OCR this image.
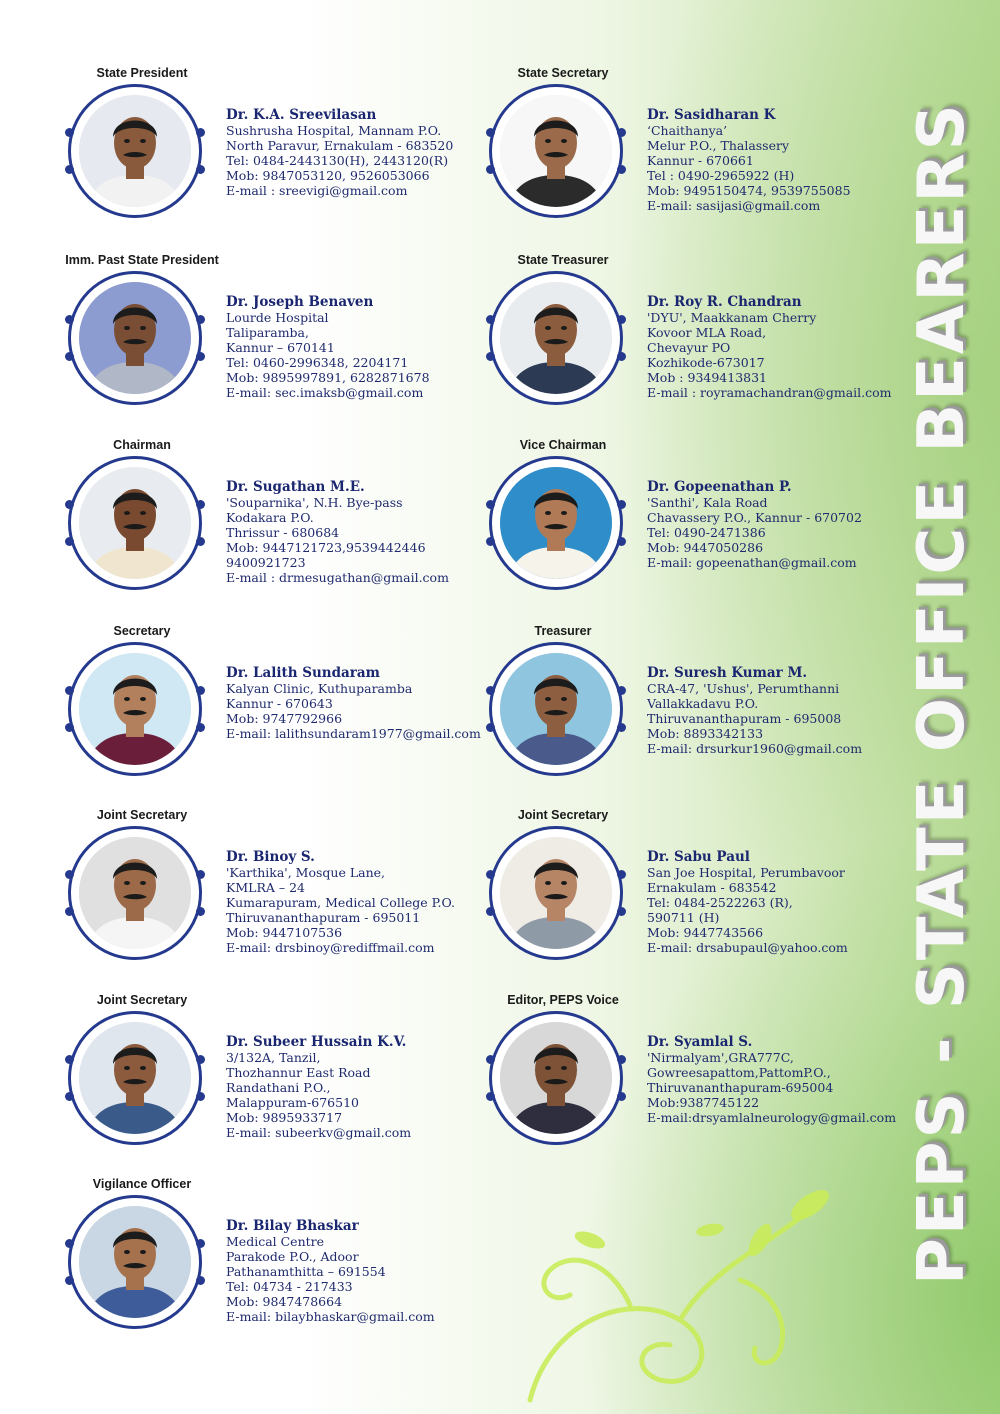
PEPS - STATE OFFICE BEARERS
State President
Dr. K.A. Sreevilasan
Sushrusha Hospital, Mannam P.O.
North Paravur, Ernakulam - 683520
Tel: 0484-2443130(H), 2443120(R)
Mob: 9847053120, 9526053066
E-mail : sreevigi@gmail.com
State Secretary
Dr. Sasidharan K
‘Chaithanya’
Melur P.O., Thalassery
Kannur - 670661
Tel : 0490-2965922 (H)
Mob: 9495150474, 9539755085
E-mail: sasijasi@gmail.com
Imm. Past State President
Dr. Joseph Benaven
Lourde Hospital
Taliparamba,
Kannur – 670141
Tel: 0460-2996348, 2204171
Mob: 9895997891, 6282871678
E-mail: sec.imaksb@gmail.com
State Treasurer
Dr. Roy R. Chandran
'DYU', Maakkanam Cherry
Kovoor MLA Road,
Chevayur PO
Kozhikode-673017
Mob : 9349413831
E-mail : royramachandran@gmail.com
Chairman
Dr. Sugathan M.E.
'Souparnika', N.H. Bye-pass
Kodakara P.O.
Thrissur - 680684
Mob: 9447121723,9539442446
9400921723
E-mail : drmesugathan@gmail.com
Vice Chairman
Dr. Gopeenathan P.
'Santhi', Kala Road
Chavassery P.O., Kannur - 670702
Tel: 0490-2471386
Mob: 9447050286
E-mail: gopeenathan@gmail.com
Secretary
Dr. Lalith Sundaram
Kalyan Clinic, Kuthuparamba
Kannur - 670643
Mob: 9747792966
E-mail: lalithsundaram1977@gmail.com
Treasurer
Dr. Suresh Kumar M.
CRA-47, 'Ushus', Perumthanni
Vallakkadavu P.O.
Thiruvananthapuram - 695008
Mob: 8893342133
E-mail: drsurkur1960@gmail.com
Joint Secretary
Dr. Binoy S.
'Karthika', Mosque Lane,
KMLRA – 24
Kumarapuram, Medical College P.O.
Thiruvananthapuram - 695011
Mob: 9447107536
E-mail: drsbinoy@rediffmail.com
Joint Secretary
Dr. Sabu Paul
San Joe Hospital, Perumbavoor
Ernakulam - 683542
Tel: 0484-2522263 (R),
590711 (H)
Mob: 9447743566
E-mail: drsabupaul@yahoo.com
Joint Secretary
Dr. Subeer Hussain K.V.
3/132A, Tanzil,
Thozhannur East Road
Randathani P.O.,
Malappuram-676510
Mob: 9895933717
E-mail: subeerkv@gmail.com
Editor, PEPS Voice
Dr. Syamlal S.
'Nirmalyam',GRA777C,
Gowreesapattom,PattomP.O.,
Thiruvananthapuram-695004
Mob:9387745122
E-mail:drsyamlalneurology@gmail.com
Vigilance Officer
Dr. Bilay Bhaskar
Medical Centre
Parakode P.O., Adoor
Pathanamthitta – 691554
Tel: 04734 - 217433
Mob: 9847478664
E-mail: bilaybhaskar@gmail.com
